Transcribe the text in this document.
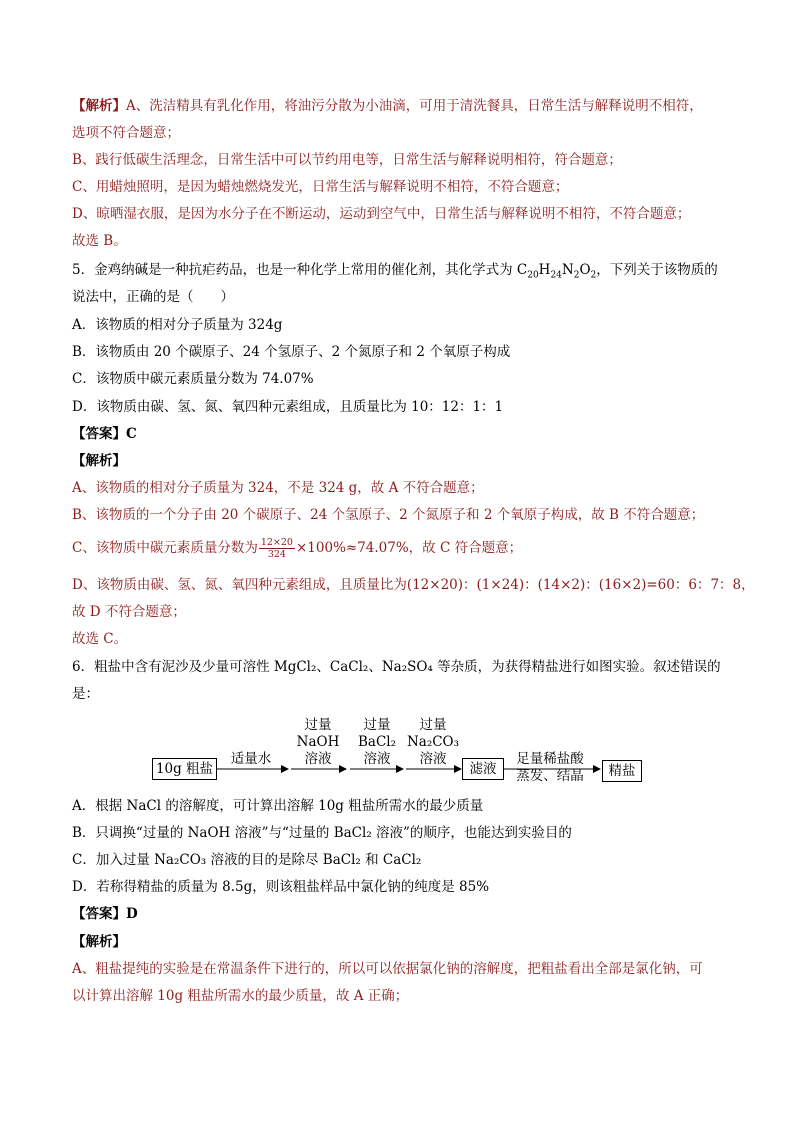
【解析】A、洗洁精具有乳化作用，将油污分散为小油滴，可用于清洗餐具，日常生活与解释说明不相符，
选项不符合题意；
B、践行低碳生活理念，日常生活中可以节约用电等，日常生活与解释说明相符，符合题意；
C、用蜡烛照明，是因为蜡烛燃烧发光，日常生活与解释说明不相符，不符合题意；
D、晾晒湿衣服，是因为水分子在不断运动，运动到空气中，日常生活与解释说明不相符，不符合题意；
故选 B。
5．金鸡纳碱是一种抗疟药品，也是一种化学上常用的催化剂，其化学式为 $C_{20}H_{24}N_2O_2$，下列关于该物质的
说法中，正确的是（　　）
A．该物质的相对分子质量为 324g
B．该物质由 20 个碳原子、24 个氢原子、2 个氮原子和 2 个氧原子构成
C．该物质中碳元素质量分数为 74.07%
D．该物质由碳、氢、氮、氧四种元素组成，且质量比为 10：12：1：1
【答案】C
【解析】
A、该物质的相对分子质量为 324，不是 324 g，故 A 不符合题意；
B、该物质的一个分子由 20 个碳原子、24 个氢原子、2 个氮原子和 2 个氧原子构成，故 B 不符合题意；
C、该物质中碳元素质量分数为 $\frac{12\times 20}{324} \times 100\%\approx 74.07\%$，故 C 符合题意；
D、该物质由碳、氢、氮、氧四种元素组成，且质量比为(12×20)：(1×24)：(14×2)：(16×2)=60：6：7：8，
故 D 不符合题意；
故选 C。
6．粗盐中含有泥沙及少量可溶性 MgCl₂、CaCl₂、Na₂SO₄ 等杂质，为获得精盐进行如图实验。叙述错误的
是：
10g 粗盐
适量水
过量
NaOH
溶液
过量
BaCl₂
溶液
过量
Na₂CO₃
溶液
滤液
足量稀盐酸
蒸发、结晶	精盐
A．根据 NaCl 的溶解度，可计算出溶解 10g 粗盐所需水的最少质量
B．只调换“过量的 NaOH 溶液”与“过量的 BaCl₂ 溶液”的顺序，也能达到实验目的
C．加入过量 Na₂CO₃ 溶液的目的是除尽 BaCl₂ 和 CaCl₂
D．若称得精盐的质量为 8.5g，则该粗盐样品中氯化钠的纯度是 85%
【答案】D
【解析】
A、粗盐提纯的实验是在常温条件下进行的，所以可以依据氯化钠的溶解度，把粗盐看出全部是氯化钠，可
以计算出溶解 10g 粗盐所需水的最少质量，故 A 正确；
